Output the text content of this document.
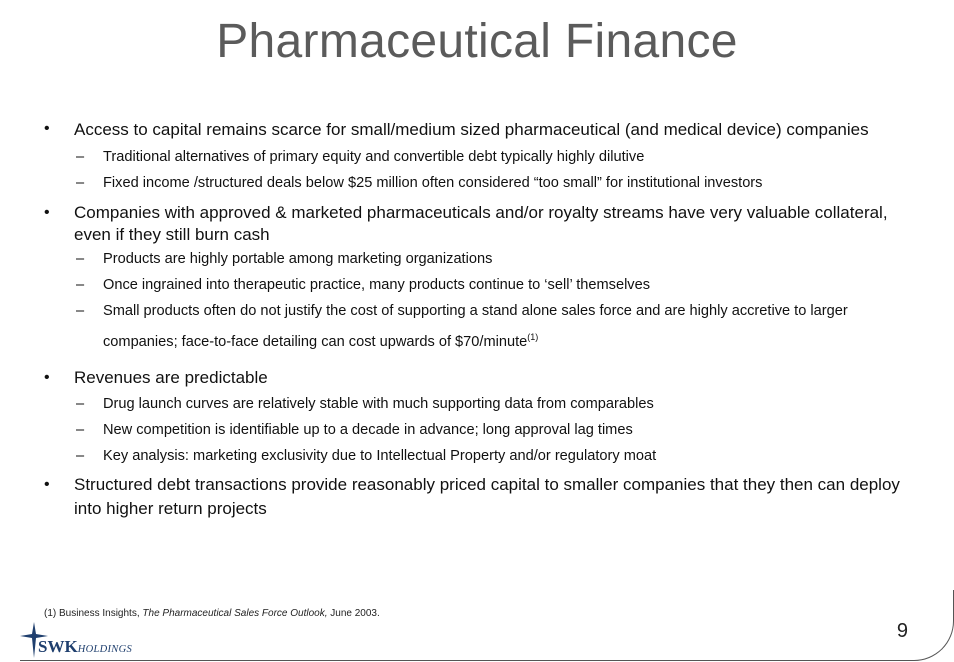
Pharmaceutical Finance
• Access to capital remains scarce for small/medium sized pharmaceutical (and medical device) companies
– Traditional alternatives of primary equity and convertible debt typically highly dilutive
– Fixed income /structured deals below $25 million often considered “too small” for institutional investors
• Companies with approved & marketed pharmaceuticals and/or royalty streams have very valuable collateral, even if they still burn cash
– Products are highly portable among marketing organizations
– Once ingrained into therapeutic practice, many products continue to ‘sell’ themselves
– Small products often do not justify the cost of supporting a stand alone sales force and are highly accretive to larger companies; face-to-face detailing can cost upwards of $70/minute$^{(1)}$
• Revenues are predictable
– Drug launch curves are relatively stable with much supporting data from comparables
– New competition is identifiable up to a decade in advance; long approval lag times
– Key analysis: marketing exclusivity due to Intellectual Property and/or regulatory moat
• Structured debt transactions provide reasonably priced capital to smaller companies that they then can deploy into higher return projects
(1) Business Insights, The Pharmaceutical Sales Force Outlook, June 2003.
SWKHOLDINGS
9
